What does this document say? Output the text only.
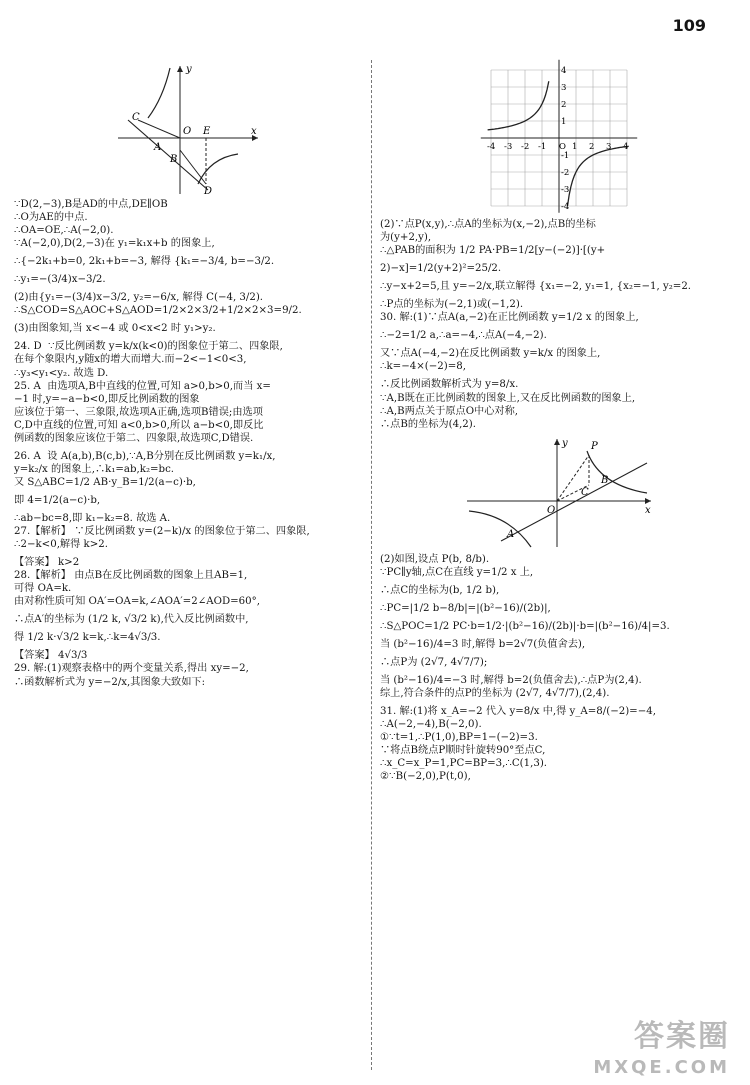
109
y
x
C
O E
A
B
D
∵D(2,−3),B是AD的中点,DE∥OB
∴O为AE的中点.
∴OA=OE,∴A(−2,0).
∵A(−2,0),D(2,−3)在 y₁=k₁x+b 的图象上,
∴{−2k₁+b=0, 2k₁+b=−3, 解得 {k₁=−3/4, b=−3/2.
∴y₁=−(3/4)x−3/2.
(2)由{y₁=−(3/4)x−3/2, y₂=−6/x, 解得 C(−4, 3/2).
∴S△COD=S△AOC+S△AOD=1/2×2×3/2+1/2×2×3=9/2.
(3)由图象知,当 x<−4 或 0<x<2 时 y₁>y₂.
24. D  ∵反比例函数 y=k/x(k<0)的图象位于第二、四象限,
在每个象限内,y随x的增大而增大.而−2<−1<0<3,
∴y₃<y₁<y₂. 故选 D.
25. A  由选项A,B中直线的位置,可知 a>0,b>0,而当 x=
−1 时,y=−a−b<0,即反比例函数的图象
应该位于第一、三象限,故选项A正确,选项B错误;由选项
C,D中直线的位置,可知 a<0,b>0,所以 a−b<0,即反比
例函数的图象应该位于第二、四象限,故选项C,D错误.
26. A  设 A(a,b),B(c,b),∵A,B分别在反比例函数 y=k₁/x,
y=k₂/x 的图象上,∴k₁=ab,k₂=bc.
又 S△ABC=1/2 AB·y_B=1/2(a−c)·b,
即 4=1/2(a−c)·b,
∴ab−bc=8,即 k₁−k₂=8. 故选 A.
27.【解析】 ∵反比例函数 y=(2−k)/x 的图象位于第二、四象限,
∴2−k<0,解得 k>2.
【答案】 k>2
28.【解析】 由点B在反比例函数的图象上且AB=1,
可得 OA=k.
由对称性质可知 OA′=OA=k,∠AOA′=2∠AOD=60°,
∴点A′的坐标为 (1/2 k, √3/2 k),代入反比例函数中,
得 1/2 k·√3/2 k=k,∴k=4√3/3.
【答案】 4√3/3
29. 解:(1)观察表格中的两个变量关系,得出 xy=−2,
∴函数解析式为 y=−2/x,其图象大致如下:
-4 -3 -2 -1 O 1 2 3 4
4
3
2
1
-1
-2
-3
-4
(2)∵点P(x,y),∴点A的坐标为(x,−2),点B的坐标
为(y+2,y),
∴△PAB的面积为 1/2 PA·PB=1/2[y−(−2)]·[(y+
2)−x]=1/2(y+2)²=25/2.
∴y−x+2=5,且 y=−2/x,联立解得 {x₁=−2, y₁=1, {x₂=−1, y₂=2.
∴P点的坐标为(−2,1)或(−1,2).
30. 解:(1)∵点A(a,−2)在正比例函数 y=1/2 x 的图象上,
∴−2=1/2 a,∴a=−4,∴点A(−4,−2).
又∵点A(−4,−2)在反比例函数 y=k/x 的图象上,
∴k=−4×(−2)=8,
∴反比例函数解析式为 y=8/x.
∵A,B既在正比例函数的图象上,又在反比例函数的图象上,
∴A,B两点关于原点O中心对称,
∴点B的坐标为(4,2).
y
x
O
P
B
C
A
(2)如图,设点 P(b, 8/b).
∵PC∥y轴,点C在直线 y=1/2 x 上,
∴点C的坐标为(b, 1/2 b),
∴PC=|1/2 b−8/b|=|(b²−16)/(2b)|,
∴S△POC=1/2 PC·b=1/2·|(b²−16)/(2b)|·b=|(b²−16)/4|=3.
当 (b²−16)/4=3 时,解得 b=2√7(负值舍去),
∴点P为 (2√7, 4√7/7);
当 (b²−16)/4=−3 时,解得 b=2(负值舍去),∴点P为(2,4).
综上,符合条件的点P的坐标为 (2√7, 4√7/7),(2,4).
31. 解:(1)将 x_A=−2 代入 y=8/x 中,得 y_A=8/(−2)=−4,
∴A(−2,−4),B(−2,0).
①∵t=1,∴P(1,0),BP=1−(−2)=3.
∵将点B绕点P顺时针旋转90°至点C,
∴x_C=x_P=1,PC=BP=3,∴C(1,3).
②∵B(−2,0),P(t,0),
答案圈
MXQE.COM
